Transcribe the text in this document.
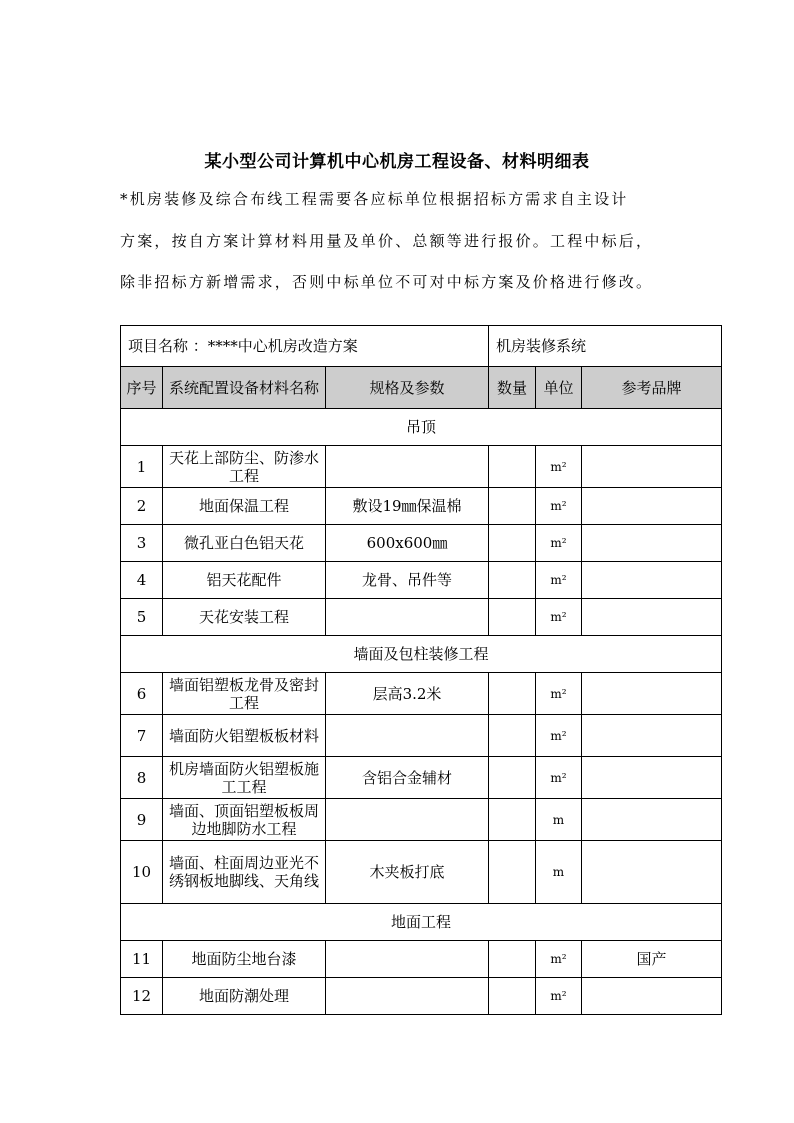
某小型公司计算机中心机房工程设备、材料明细表
*机房装修及综合布线工程需要各应标单位根据招标方需求自主设计
方案，按自方案计算材料用量及单价、总额等进行报价。工程中标后，
除非招标方新增需求，否则中标单位不可对中标方案及价格进行修改。
项目名称 ：****中心机房改造方案			机房装修系统		
序号	系统配置设备材料名称	规格及参数	数量	单位	参考品牌
吊顶					
1	天花上部防尘、防渗水工程			m²	
2	地面保温工程	敷设19㎜保温棉		m²	
3	微孔亚白色铝天花	600x600㎜		m²	
4	铝天花配件	龙骨、吊件等		m²	
5	天花安装工程			m²	
墙面及包柱装修工程					
6	墙面铝塑板龙骨及密封工程	层高3.2米		m²	
7	墙面防火铝塑板板材料			m²	
8	机房墙面防火铝塑板施工工程	含铝合金辅材		m²	
9	墙面、顶面铝塑板板周边地脚防水工程			m	
10	墙面、柱面周边亚光不绣钢板地脚线、天角线	木夹板打底		m	
地面工程					
11	地面防尘地台漆			m²	国产
12	地面防潮处理			m²	
